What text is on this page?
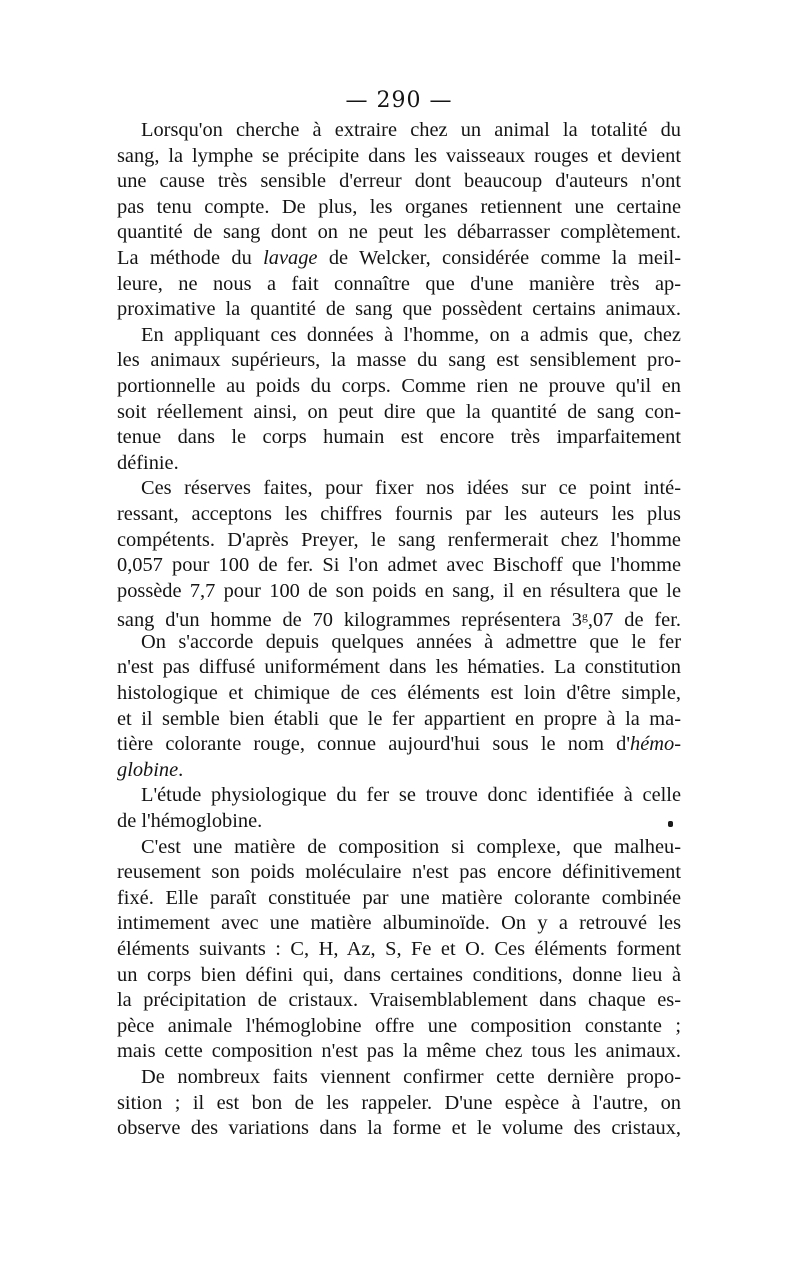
— 290 —
Lorsqu'on cherche à extraire chez un animal la totalité du
sang, la lymphe se précipite dans les vaisseaux rouges et devient
une cause très sensible d'erreur dont beaucoup d'auteurs n'ont
pas tenu compte. De plus, les organes retiennent une certaine
quantité de sang dont on ne peut les débarrasser complètement.
La méthode du lavage de Welcker, considérée comme la meil-
leure, ne nous a fait connaître que d'une manière très ap-
proximative la quantité de sang que possèdent certains animaux.
En appliquant ces données à l'homme, on a admis que, chez
les animaux supérieurs, la masse du sang est sensiblement pro-
portionnelle au poids du corps. Comme rien ne prouve qu'il en
soit réellement ainsi, on peut dire que la quantité de sang con-
tenue dans le corps humain est encore très imparfaitement
définie.
Ces réserves faites, pour fixer nos idées sur ce point inté-
ressant, acceptons les chiffres fournis par les auteurs les plus
compétents. D'après Preyer, le sang renfermerait chez l'homme
0,057 pour 100 de fer. Si l'on admet avec Bischoff que l'homme
possède 7,7 pour 100 de son poids en sang, il en résultera que le
sang d'un homme de 70 kilogrammes représentera 3$^g$,07 de fer.
On s'accorde depuis quelques années à admettre que le fer
n'est pas diffusé uniformément dans les hématies. La constitution
histologique et chimique de ces éléments est loin d'être simple,
et il semble bien établi que le fer appartient en propre à la ma-
tière colorante rouge, connue aujourd'hui sous le nom d'hémo-
globine.
L'étude physiologique du fer se trouve donc identifiée à celle
de l'hémoglobine.
C'est une matière de composition si complexe, que malheu-
reusement son poids moléculaire n'est pas encore définitivement
fixé. Elle paraît constituée par une matière colorante combinée
intimement avec une matière albuminoïde. On y a retrouvé les
éléments suivants : C, H, Az, S, Fe et O. Ces éléments forment
un corps bien défini qui, dans certaines conditions, donne lieu à
la précipitation de cristaux. Vraisemblablement dans chaque es-
pèce animale l'hémoglobine offre une composition constante ;
mais cette composition n'est pas la même chez tous les animaux.
De nombreux faits viennent confirmer cette dernière propo-
sition ; il est bon de les rappeler. D'une espèce à l'autre, on
observe des variations dans la forme et le volume des cristaux,
